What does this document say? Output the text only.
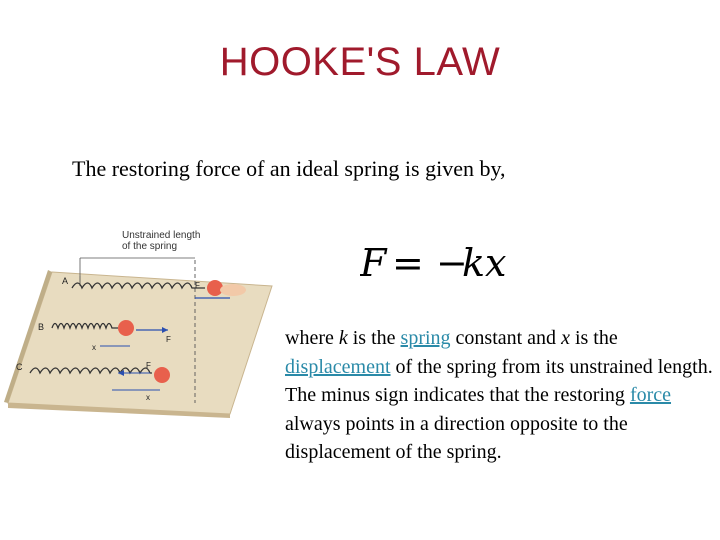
HOOKE'S LAW
The restoring force of an ideal spring is given by,
Unstrained length
of the spring
A	F
B
F
x
C	F
x
F = −
kx
where k is the spring constant and x is the displacement of the spring from its unstrained length. The minus sign indicates that the restoring force always points in a direction opposite to the displacement of the spring.
